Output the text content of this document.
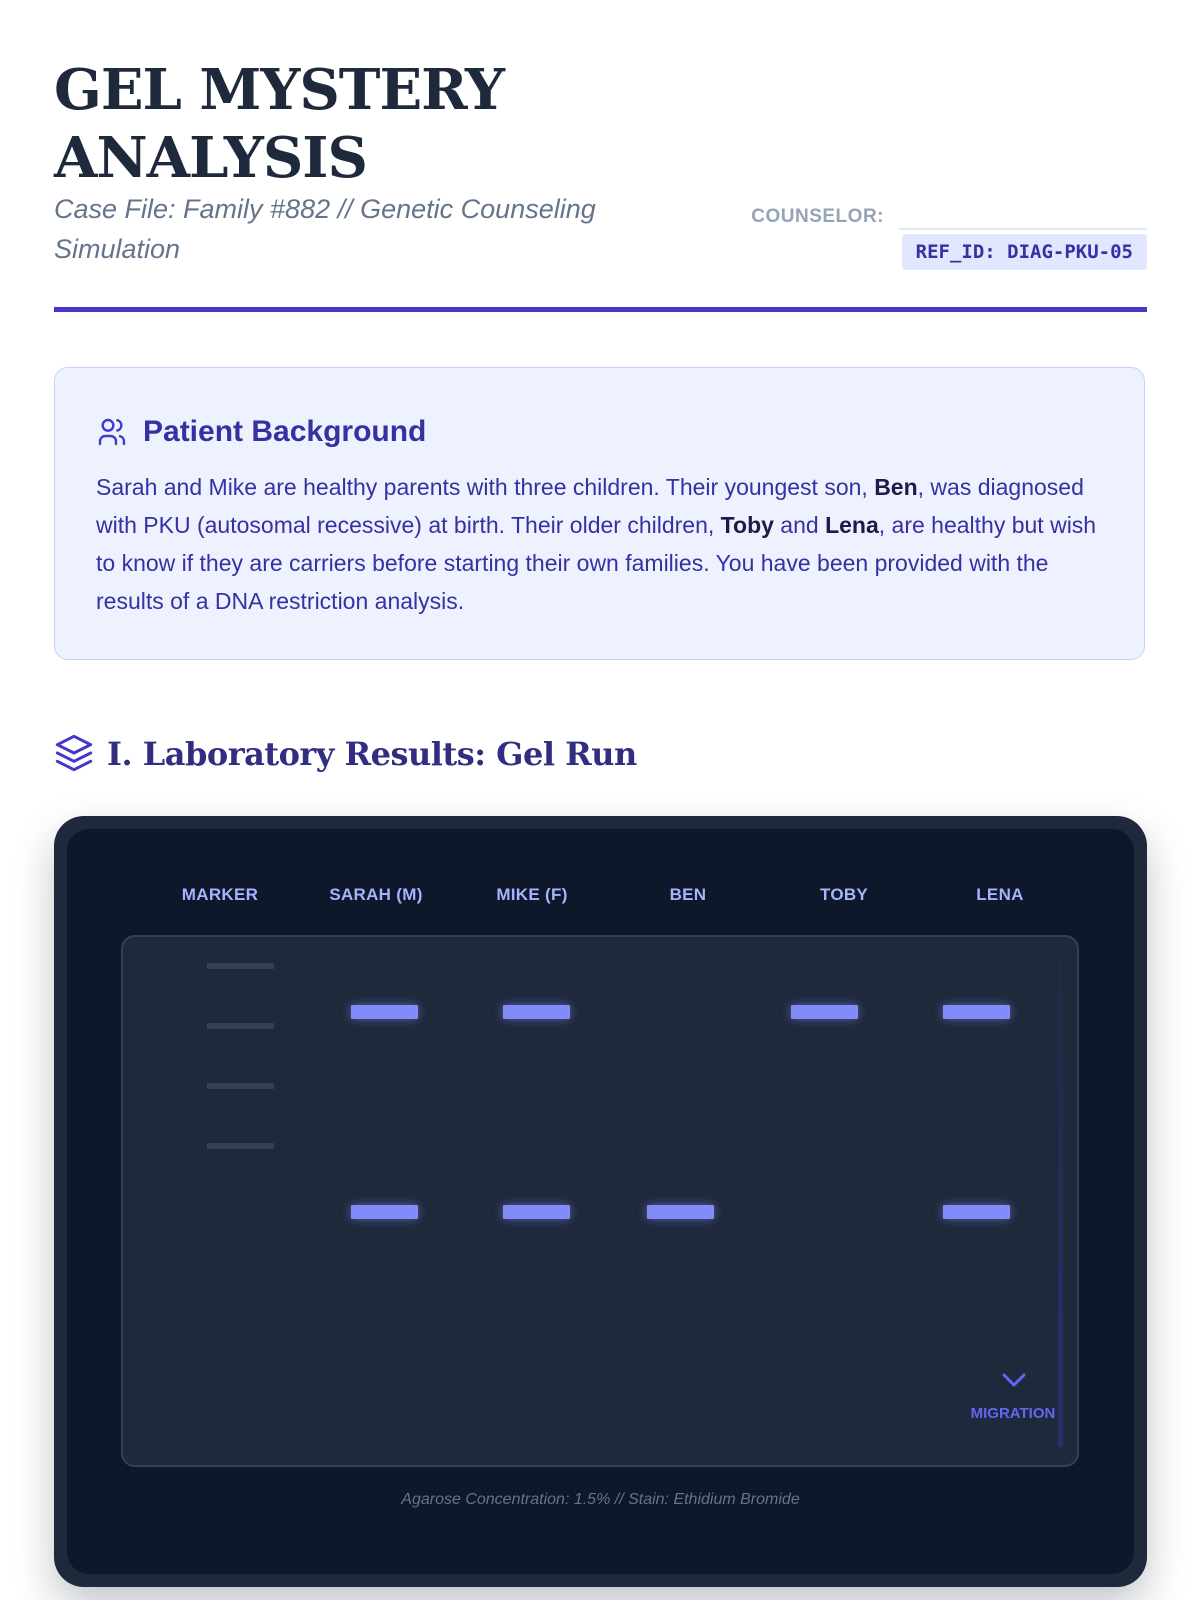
GEL MYSTERY
ANALYSIS
Case File: Family #882 // Genetic Counseling Simulation
COUNSELOR:
REF_ID: DIAG-PKU-05
Patient Background

Sarah and Mike are healthy parents with three children. Their youngest son, Ben, was diagnosed with PKU (autosomal recessive) at birth. Their older children, Toby and Lena, are healthy but wish to know if they are carriers before starting their own families. You have been provided with the results of a DNA restriction analysis.

I. Laboratory Results: Gel Run
MARKER	SARAH (M)	MIKE (F)	BEN	TOBY	LENA
MIGRATION
Agarose Concentration: 1.5% // Stain: Ethidium Bromide
